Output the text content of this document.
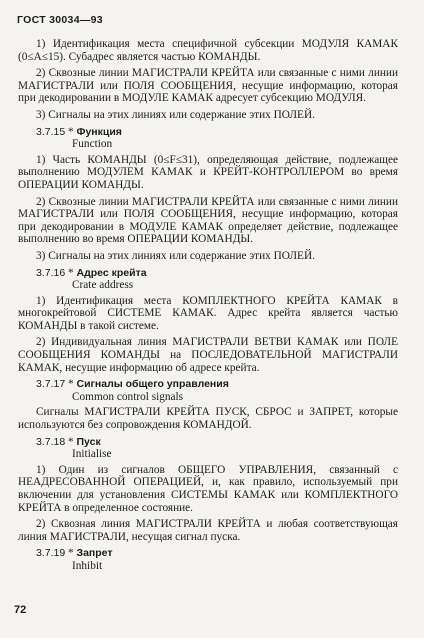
ГОСТ 30034—93

1) Идентификация места специфичной субсекции МОДУЛЯ КАМАК (0≤A≤15). Субадрес является частью КОМАНДЫ.

2) Сквозные линии МАГИСТРАЛИ КРЕЙТА или связанные с ними линии МАГИСТРАЛИ или ПОЛЯ СООБЩЕНИЯ, несущие информацию, которая при декодировании в МОДУЛЕ КАМАК адресует субсекцию МОДУЛЯ.

3) Сигналы на этих линиях или содержание этих ПОЛЕЙ.

3.7.15 * Функция
Function

1) Часть КОМАНДЫ (0≤F≤31), определяющая действие, подлежащее выполнению МОДУЛЕМ КАМАК и КРЕЙТ-КОНТРОЛЛЕРОМ во время ОПЕРАЦИИ КОМАНДЫ.

2) Сквозные линии МАГИСТРАЛИ КРЕЙТА или связанные с ними линии МАГИСТРАЛИ или ПОЛЯ СООБЩЕНИЯ, несущие информацию, которая при декодировании в МОДУЛЕ КАМАК определяет действие, подлежащее выполнению во время ОПЕРАЦИИ КОМАНДЫ.

3) Сигналы на этих линиях или содержание этих ПОЛЕЙ.

3.7.16 * Адрес крейта
Crate address

1) Идентификация места КОМПЛЕКТНОГО КРЕЙТА КАМАК в многокрейтовой СИСТЕМЕ КАМАК. Адрес крейта является частью КОМАНДЫ в такой системе.

2) Индивидуальная линия МАГИСТРАЛИ ВЕТВИ КАМАК или ПОЛЕ СООБЩЕНИЯ КОМАНДЫ на ПОСЛЕДОВАТЕЛЬНОЙ МАГИСТРАЛИ КАМАК, несущие информацию об адресе крейта.

3.7.17 * Сигналы общего управления
Common control signals

Сигналы МАГИСТРАЛИ КРЕЙТА ПУСК, СБРОС и ЗАПРЕТ, которые используются без сопровождения КОМАНДОЙ.

3.7.18 * Пуск
Initialise

1) Один из сигналов ОБЩЕГО УПРАВЛЕНИЯ, связанный с НЕАДРЕСОВАННОЙ ОПЕРАЦИЕЙ, и, как правило, используемый при включении для установления СИСТЕМЫ КАМАК или КОМПЛЕКТНОГО КРЕЙТА в определенное состояние.

2) Сквозная линия МАГИСТРАЛИ КРЕЙТА и любая соответствующая линия МАГИСТРАЛИ, несущая сигнал пуска.

3.7.19 * Запрет
Inhibit
72
